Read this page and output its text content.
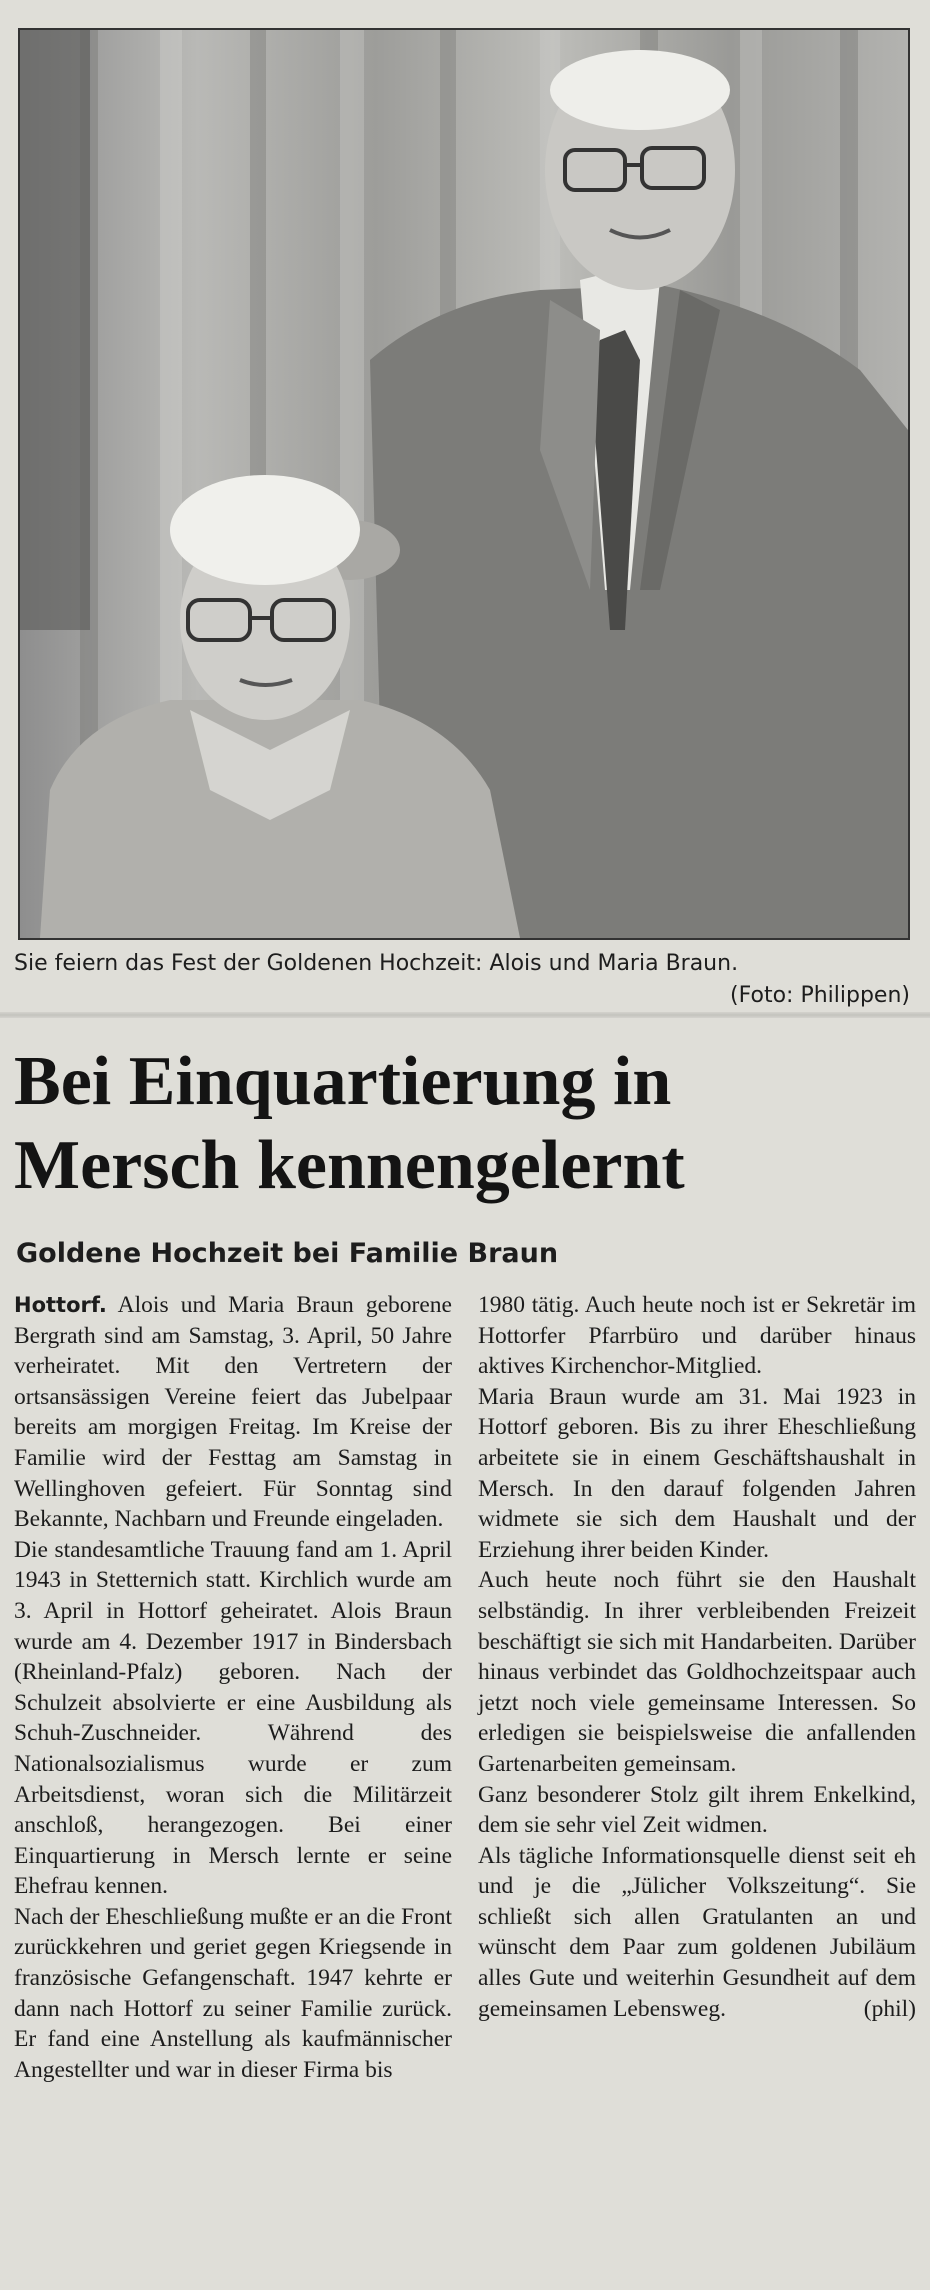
Sie feiern das Fest der Goldenen Hochzeit: Alois und Maria Braun.
(Foto: Philippen)
Bei Einquartierung in
Mersch kennengelernt
Goldene Hochzeit bei Familie Braun

Hottorf. Alois und Maria Braun geborene Bergrath sind am Samstag, 3. April, 50 Jahre verheiratet. Mit den Vertretern der ortsansässigen Vereine feiert das Jubelpaar bereits am morgigen Freitag. Im Kreise der Familie wird der Festtag am Samstag in Wellinghoven gefeiert. Für Sonntag sind Bekannte, Nachbarn und Freunde eingeladen.

Die standesamtliche Trauung fand am 1. April 1943 in Stetternich statt. Kirchlich wurde am 3. April in Hottorf geheiratet. Alois Braun wurde am 4. Dezember 1917 in Bindersbach (Rheinland-Pfalz) geboren. Nach der Schulzeit absolvierte er eine Ausbildung als Schuh-Zuschneider. Während des Nationalsozialismus wurde er zum Arbeitsdienst, woran sich die Militärzeit anschloß, herangezogen. Bei einer Einquartierung in Mersch lernte er seine Ehefrau kennen.

Nach der Eheschließung mußte er an die Front zurückkehren und geriet gegen Kriegsende in französische Gefangenschaft. 1947 kehrte er dann nach Hottorf zu seiner Familie zurück. Er fand eine Anstellung als kaufmännischer Angestellter und war in dieser Firma bis

1980 tätig. Auch heute noch ist er Sekretär im Hottorfer Pfarrbüro und darüber hinaus aktives Kirchenchor-Mitglied.

Maria Braun wurde am 31. Mai 1923 in Hottorf geboren. Bis zu ihrer Eheschließung arbeitete sie in einem Geschäftshaushalt in Mersch. In den darauf folgenden Jahren widmete sie sich dem Haushalt und der Erziehung ihrer beiden Kinder.

Auch heute noch führt sie den Haushalt selbständig. In ihrer verbleibenden Freizeit beschäftigt sie sich mit Handarbeiten. Darüber hinaus verbindet das Goldhochzeitspaar auch jetzt noch viele gemeinsame Interessen. So erledigen sie beispielsweise die anfallenden Gartenarbeiten gemeinsam.

Ganz besonderer Stolz gilt ihrem Enkelkind, dem sie sehr viel Zeit widmen.

Als tägliche Informationsquelle dienst seit eh und je die „Jülicher Volkszeitung“. Sie schließt sich allen Gratulanten an und wünscht dem Paar zum goldenen Jubiläum alles Gute und weiterhin Gesundheit auf dem gemeinsamen Lebensweg.	(phil)
